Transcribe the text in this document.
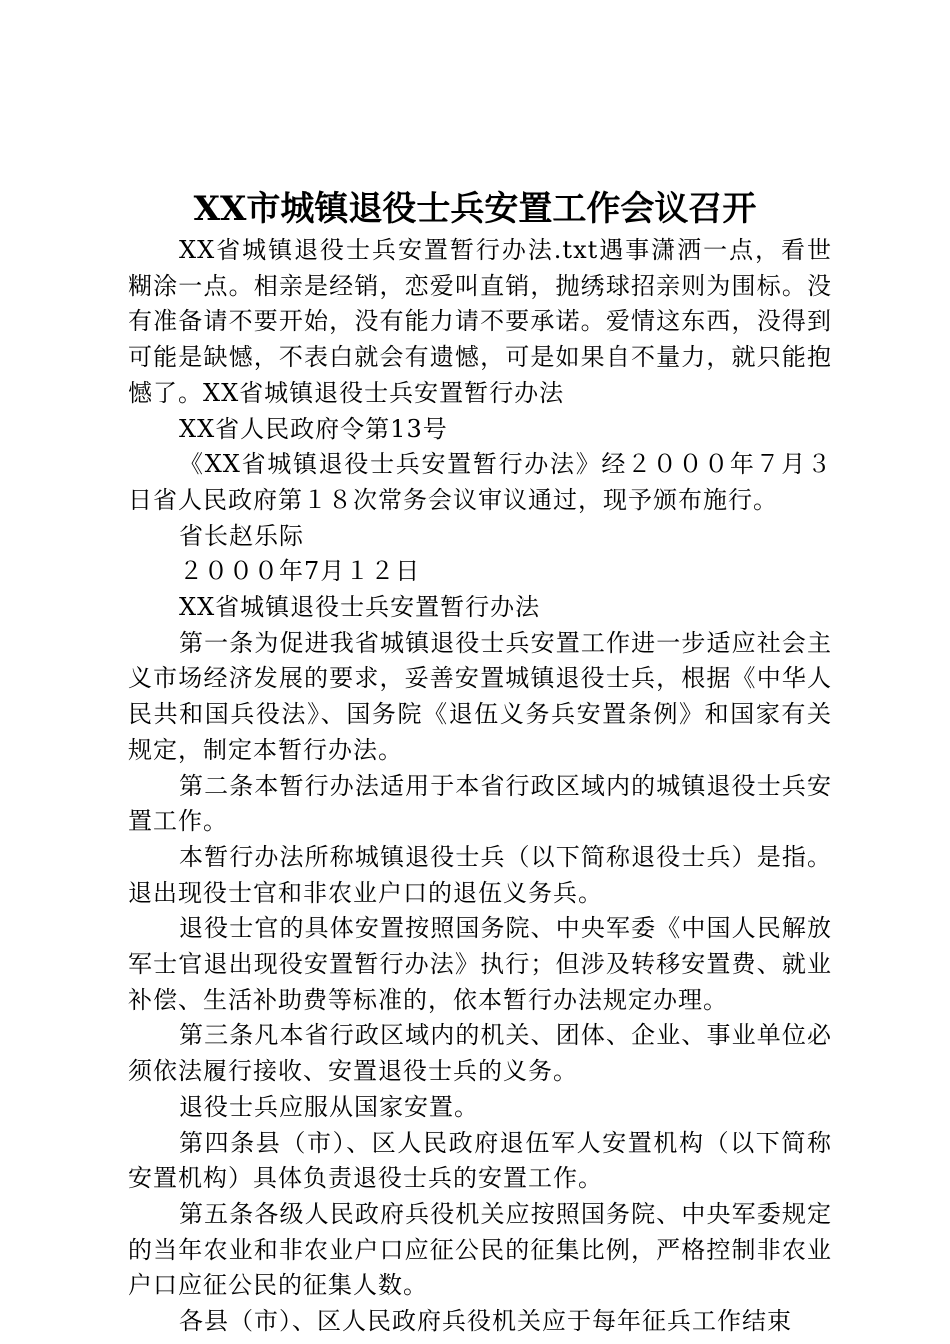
XX市城镇退役士兵安置工作会议召开

XX省城镇退役士兵安置暂行办法.txt遇事潇洒一点，看世糊涂一点。相亲是经销，恋爱叫直销，抛绣球招亲则为围标。没有准备请不要开始，没有能力请不要承诺。爱情这东西，没得到可能是缺憾，不表白就会有遗憾，可是如果自不量力，就只能抱憾了。XX省城镇退役士兵安置暂行办法

XX省人民政府令第13号

《XX省城镇退役士兵安置暂行办法》经２０００年７月３日省人民政府第１８次常务会议审议通过，现予颁布施行。

省长赵乐际

２０００年7月１２日

XX省城镇退役士兵安置暂行办法

第一条为促进我省城镇退役士兵安置工作进一步适应社会主义市场经济发展的要求，妥善安置城镇退役士兵，根据《中华人民共和国兵役法》、国务院《退伍义务兵安置条例》和国家有关规定，制定本暂行办法。

第二条本暂行办法适用于本省行政区域内的城镇退役士兵安置工作。

本暂行办法所称城镇退役士兵（以下简称退役士兵）是指。退出现役士官和非农业户口的退伍义务兵。

退役士官的具体安置按照国务院、中央军委《中国人民解放军士官退出现役安置暂行办法》执行；但涉及转移安置费、就业补偿、生活补助费等标准的，依本暂行办法规定办理。

第三条凡本省行政区域内的机关、团体、企业、事业单位必须依法履行接收、安置退役士兵的义务。

退役士兵应服从国家安置。

第四条县（市）、区人民政府退伍军人安置机构（以下简称安置机构）具体负责退役士兵的安置工作。

第五条各级人民政府兵役机关应按照国务院、中央军委规定的当年农业和非农业户口应征公民的征集比例，严格控制非农业户口应征公民的征集人数。

各县（市）、区人民政府兵役机关应于每年征兵工作结束
